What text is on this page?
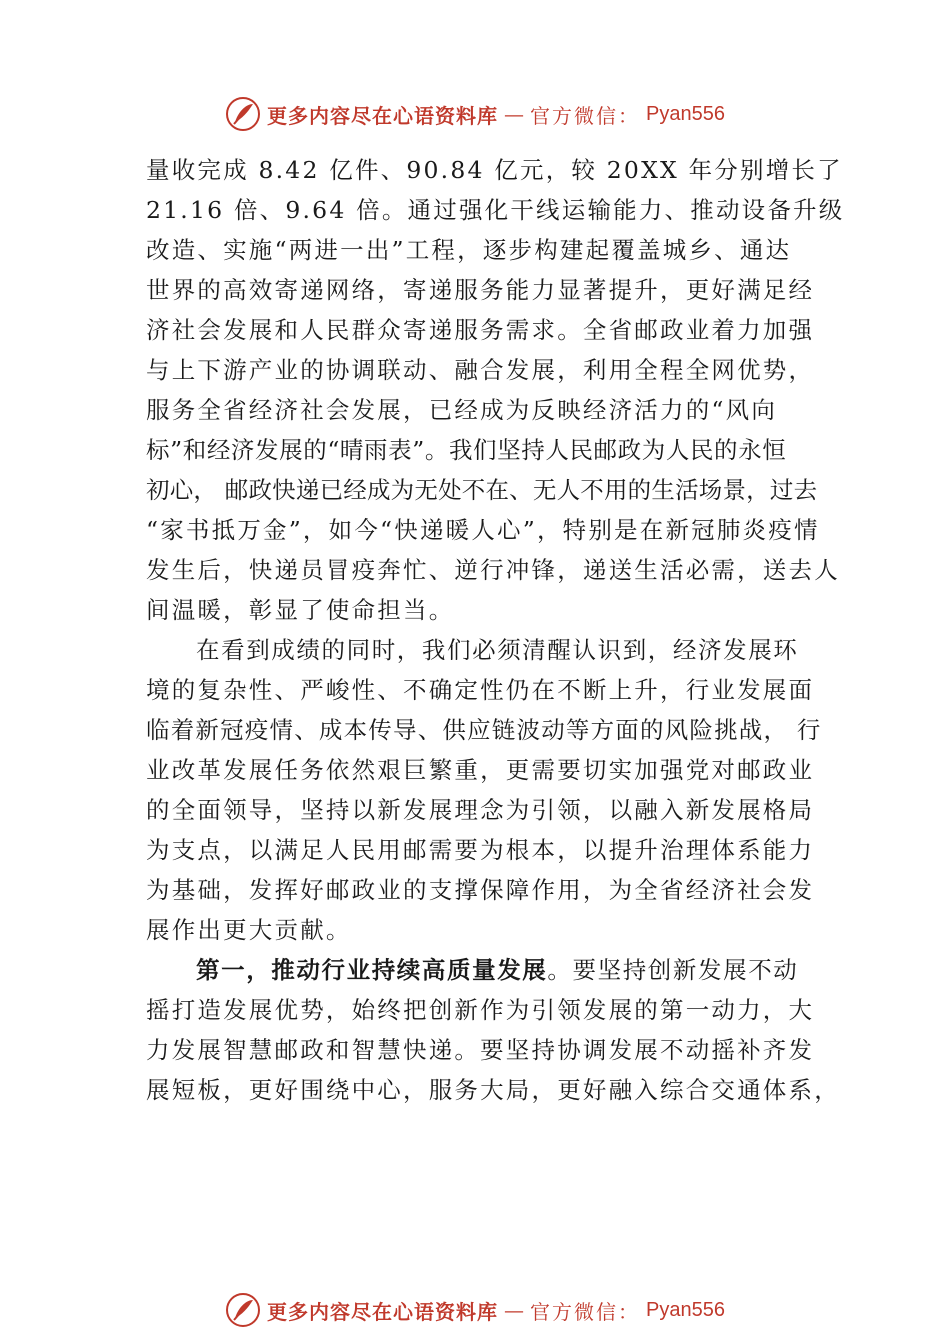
更多内容尽在心语资料库 — 官方微信： Pyan556
量收完成 8.42 亿件、90.84 亿元，较 20XX 年分别增长了
21.16 倍、9.64 倍。通过强化干线运输能力、推动设备升级
改造、实施“两进一出”工程，逐步构建起覆盖城乡、通达
世界的高效寄递网络，寄递服务能力显著提升，更好满足经
济社会发展和人民群众寄递服务需求。全省邮政业着力加强
与上下游产业的协调联动、融合发展，利用全程全网优势，
服务全省经济社会发展，已经成为反映经济活力的“风向
标”和经济发展的“晴雨表”。我们坚持人民邮政为人民的永恒
初心， 邮政快递已经成为无处不在、无人不用的生活场景，过去
“家书抵万金”，如今“快递暖人心”，特别是在新冠肺炎疫情
发生后，快递员冒疫奔忙、逆行冲锋，递送生活必需，送去人
间温暖，彰显了使命担当。
在看到成绩的同时，我们必须清醒认识到，经济发展环
境的复杂性、严峻性、不确定性仍在不断上升，行业发展面
临着新冠疫情、成本传导、供应链波动等方面的风险挑战， 行
业改革发展任务依然艰巨繁重，更需要切实加强党对邮政业
的全面领导，坚持以新发展理念为引领，以融入新发展格局
为支点，以满足人民用邮需要为根本，以提升治理体系能力
为基础，发挥好邮政业的支撑保障作用，为全省经济社会发
展作出更大贡献。
第一，推动行业持续高质量发展。要坚持创新发展不动
摇打造发展优势，始终把创新作为引领发展的第一动力，大
力发展智慧邮政和智慧快递。要坚持协调发展不动摇补齐发
展短板，更好围绕中心，服务大局，更好融入综合交通体系，
更多内容尽在心语资料库 — 官方微信： Pyan556
